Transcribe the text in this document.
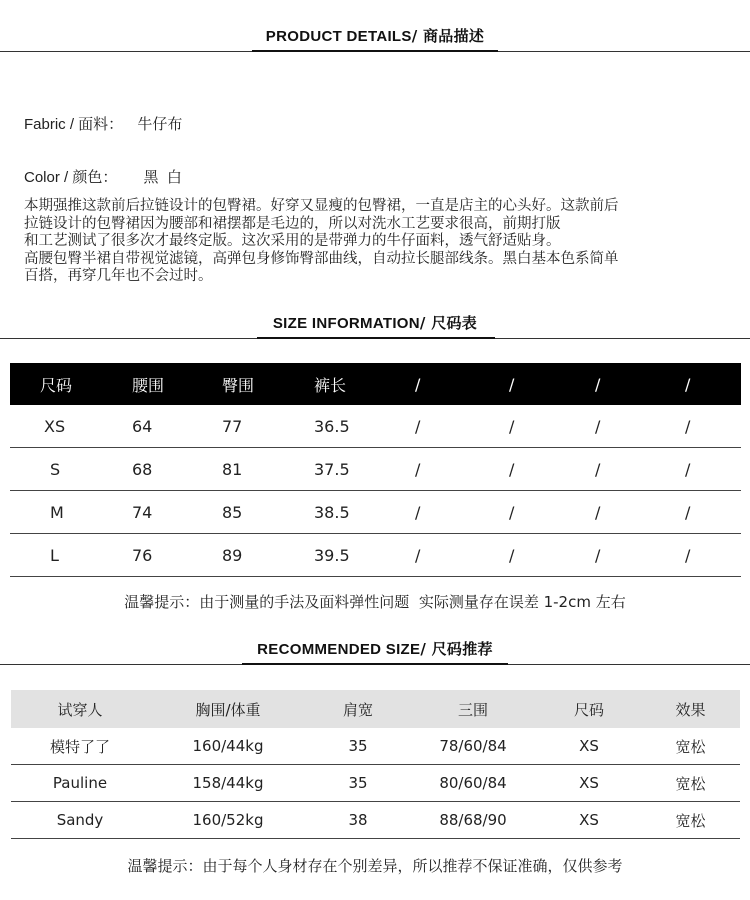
PRODUCT DETAILS/ 商品描述
Fabric / 面料： 牛仔布
Color / 颜色： 黑  白
本期强推这款前后拉链设计的包臀裙。好穿又显瘦的包臀裙，一直是店主的心头好。这款前后
拉链设计的包臀裙因为腰部和裙摆都是毛边的，所以对洗水工艺要求很高，前期打版
和工艺测试了很多次才最终定版。这次采用的是带弹力的牛仔面料，透气舒适贴身。
高腰包臀半裙自带视觉滤镜，高弹包身修饰臀部曲线，自动拉长腿部线条。黑白基本色系简单
百搭，再穿几年也不会过时。
SIZE INFORMATION/ 尺码表
尺码	腰围	臀围	裤长	/	/	/	/
XS	64	77	36.5	/	/	/	/
S	68	81	37.5	/	/	/	/
M	74	85	38.5	/	/	/	/
L	76	89	39.5	/	/	/	/
温馨提示：由于测量的手法及面料弹性问题  实际测量存在误差 1-2cm 左右
RECOMMENDED SIZE/ 尺码推荐
试穿人	胸围/体重	肩宽	三围	尺码	效果
模特了了	160/44kg	35	78/60/84	XS	宽松
Pauline	158/44kg	35	80/60/84	XS	宽松
Sandy	160/52kg	38	88/68/90	XS	宽松
温馨提示：由于每个人身材存在个别差异，所以推荐不保证准确，仅供参考
